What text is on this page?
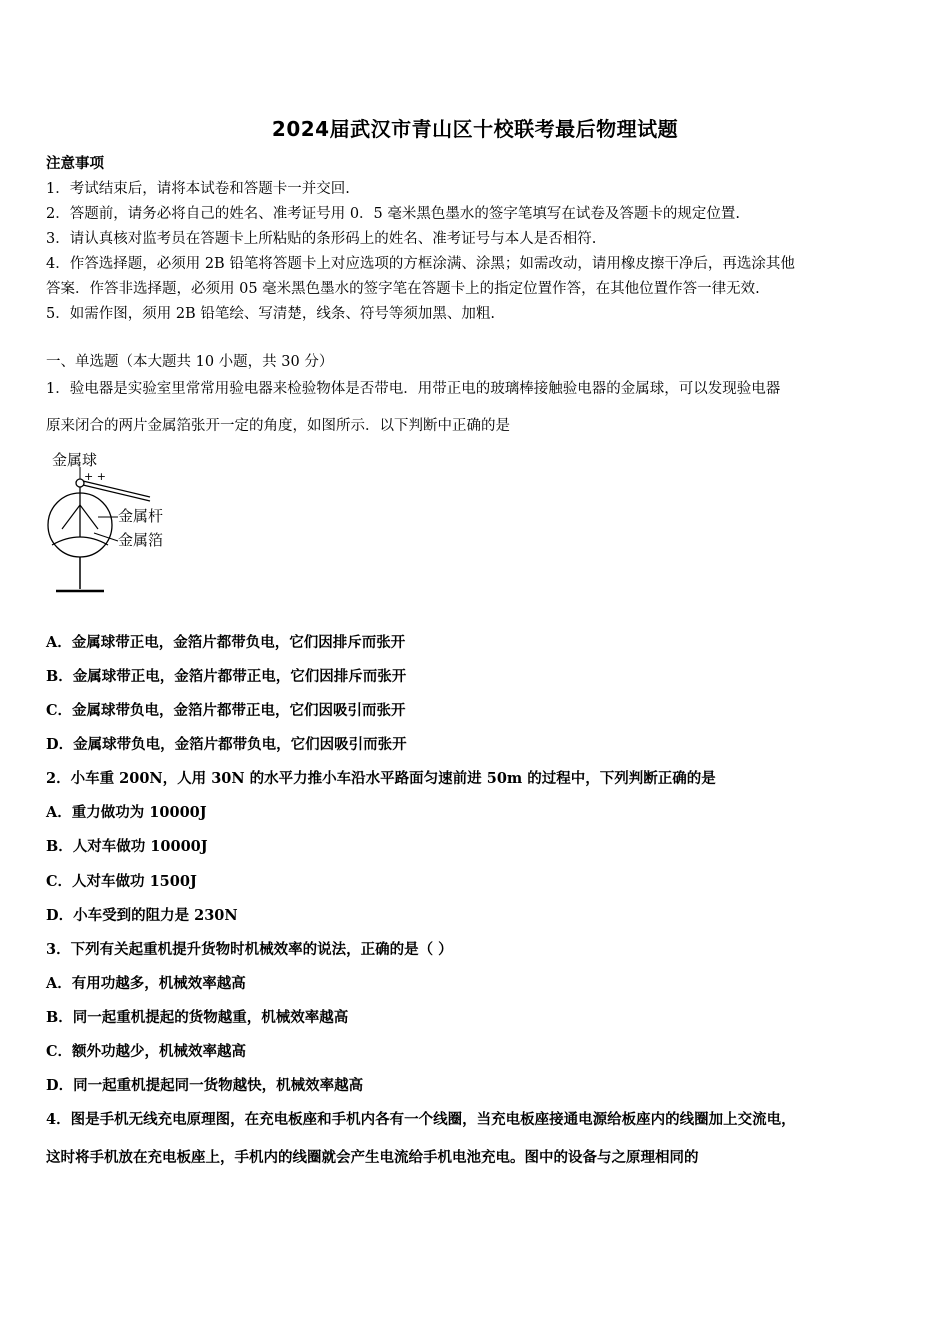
2024届武汉市青山区十校联考最后物理试题
注意事项
1．考试结束后，请将本试卷和答题卡一并交回.
2．答题前，请务必将自己的姓名、准考证号用 0．5 毫米黑色墨水的签字笔填写在试卷及答题卡的规定位置.
3．请认真核对监考员在答题卡上所粘贴的条形码上的姓名、准考证号与本人是否相符.
4．作答选择题，必须用 2B 铅笔将答题卡上对应选项的方框涂满、涂黑；如需改动，请用橡皮擦干净后，再选涂其他
答案．作答非选择题，必须用 05 毫米黑色墨水的签字笔在答题卡上的指定位置作答，在其他位置作答一律无效.
5．如需作图，须用 2B 铅笔绘、写清楚，线条、符号等须加黑、加粗.
一、单选题（本大题共 10 小题，共 30 分）
1．验电器是实验室里常常用验电器来检验物体是否带电．用带正电的玻璃棒接触验电器的金属球，可以发现验电器
原来闭合的两片金属箔张开一定的角度，如图所示．以下判断中正确的是
金属球
+ +
金属杆
金属箔
A．金属球带正电，金箔片都带负电，它们因排斥而张开
B．金属球带正电，金箔片都带正电，它们因排斥而张开
C．金属球带负电，金箔片都带正电，它们因吸引而张开
D．金属球带负电，金箔片都带负电，它们因吸引而张开
2．小车重 200N，人用 30N 的水平力推小车沿水平路面匀速前进 50m 的过程中，下列判断正确的是
A．重力做功为 10000J
B．人对车做功 10000J
C．人对车做功 1500J
D．小车受到的阻力是 230N
3．下列有关起重机提升货物时机械效率的说法，正确的是（ ）
A．有用功越多，机械效率越高
B．同一起重机提起的货物越重，机械效率越高
C．额外功越少，机械效率越高
D．同一起重机提起同一货物越快，机械效率越高
4．图是手机无线充电原理图，在充电板座和手机内各有一个线圈，当充电板座接通电源给板座内的线圈加上交流电，
这时将手机放在充电板座上，手机内的线圈就会产生电流给手机电池充电。图中的设备与之原理相同的
